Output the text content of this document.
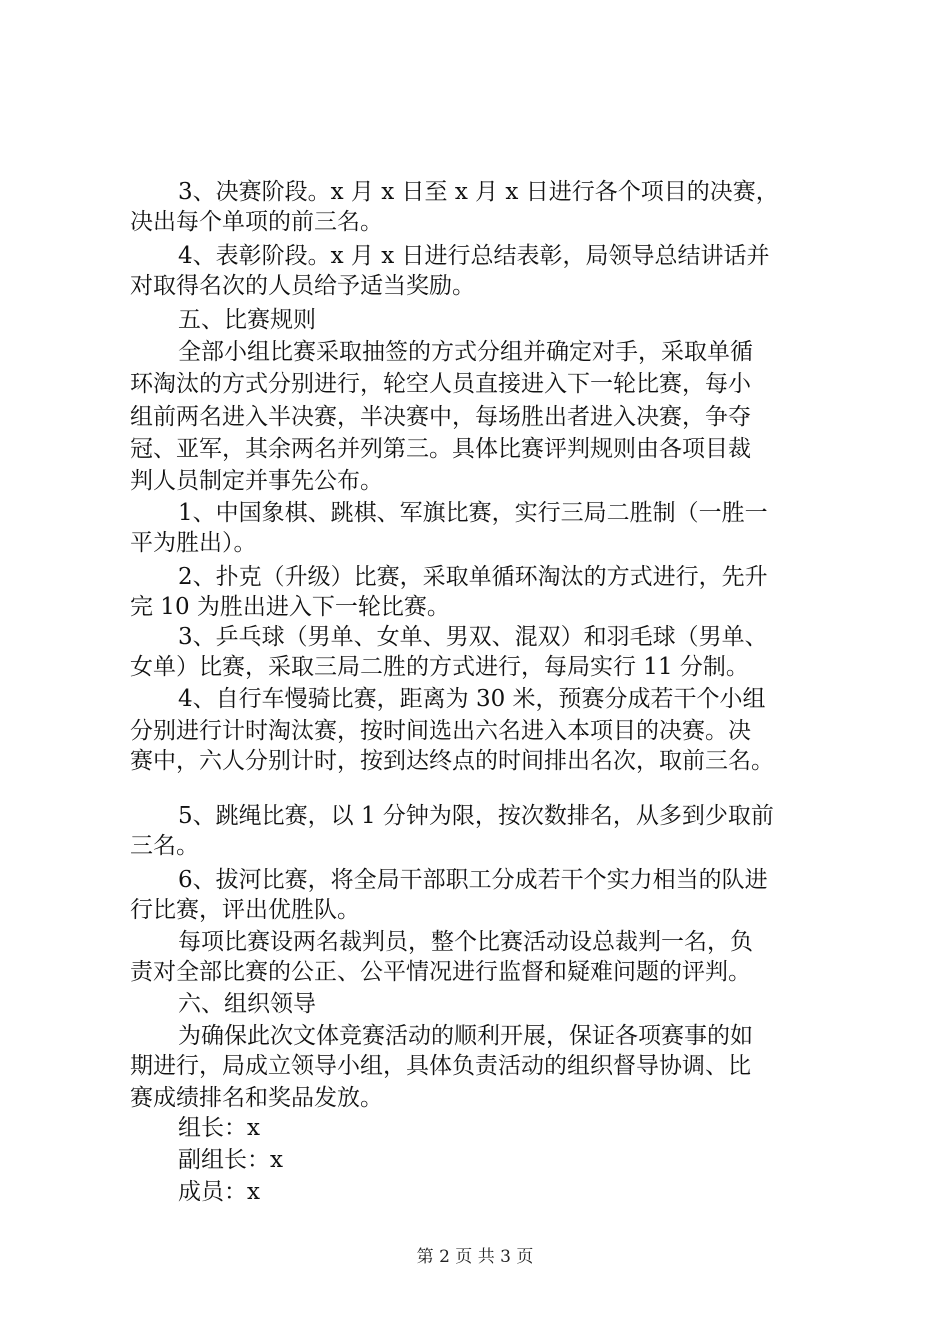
3、决赛阶段。x 月 x 日至 x 月 x 日进行各个项目的决赛，
决出每个单项的前三名。
4、表彰阶段。x 月 x 日进行总结表彰，局领导总结讲话并
对取得名次的人员给予适当奖励。
五、比赛规则
全部小组比赛采取抽签的方式分组并确定对手，采取单循
环淘汰的方式分别进行，轮空人员直接进入下一轮比赛，每小
组前两名进入半决赛，半决赛中，每场胜出者进入决赛，争夺
冠、亚军，其余两名并列第三。具体比赛评判规则由各项目裁
判人员制定并事先公布。
1、中国象棋、跳棋、军旗比赛，实行三局二胜制（一胜一
平为胜出）。
2、扑克（升级）比赛，采取单循环淘汰的方式进行，先升
完 10 为胜出进入下一轮比赛。
3、乒乓球（男单、女单、男双、混双）和羽毛球（男单、
女单）比赛，采取三局二胜的方式进行，每局实行 11 分制。
4、自行车慢骑比赛，距离为 30 米，预赛分成若干个小组
分别进行计时淘汰赛，按时间选出六名进入本项目的决赛。决
赛中，六人分别计时，按到达终点的时间排出名次，取前三名。
5、跳绳比赛，以 1 分钟为限，按次数排名，从多到少取前
三名。
6、拔河比赛，将全局干部职工分成若干个实力相当的队进
行比赛，评出优胜队。
每项比赛设两名裁判员，整个比赛活动设总裁判一名，负
责对全部比赛的公正、公平情况进行监督和疑难问题的评判。
六、组织领导
为确保此次文体竞赛活动的顺利开展，保证各项赛事的如
期进行，局成立领导小组，具体负责活动的组织督导协调、比
赛成绩排名和奖品发放。
组长：x
副组长：x
成员：x
第 2 页 共 3 页
